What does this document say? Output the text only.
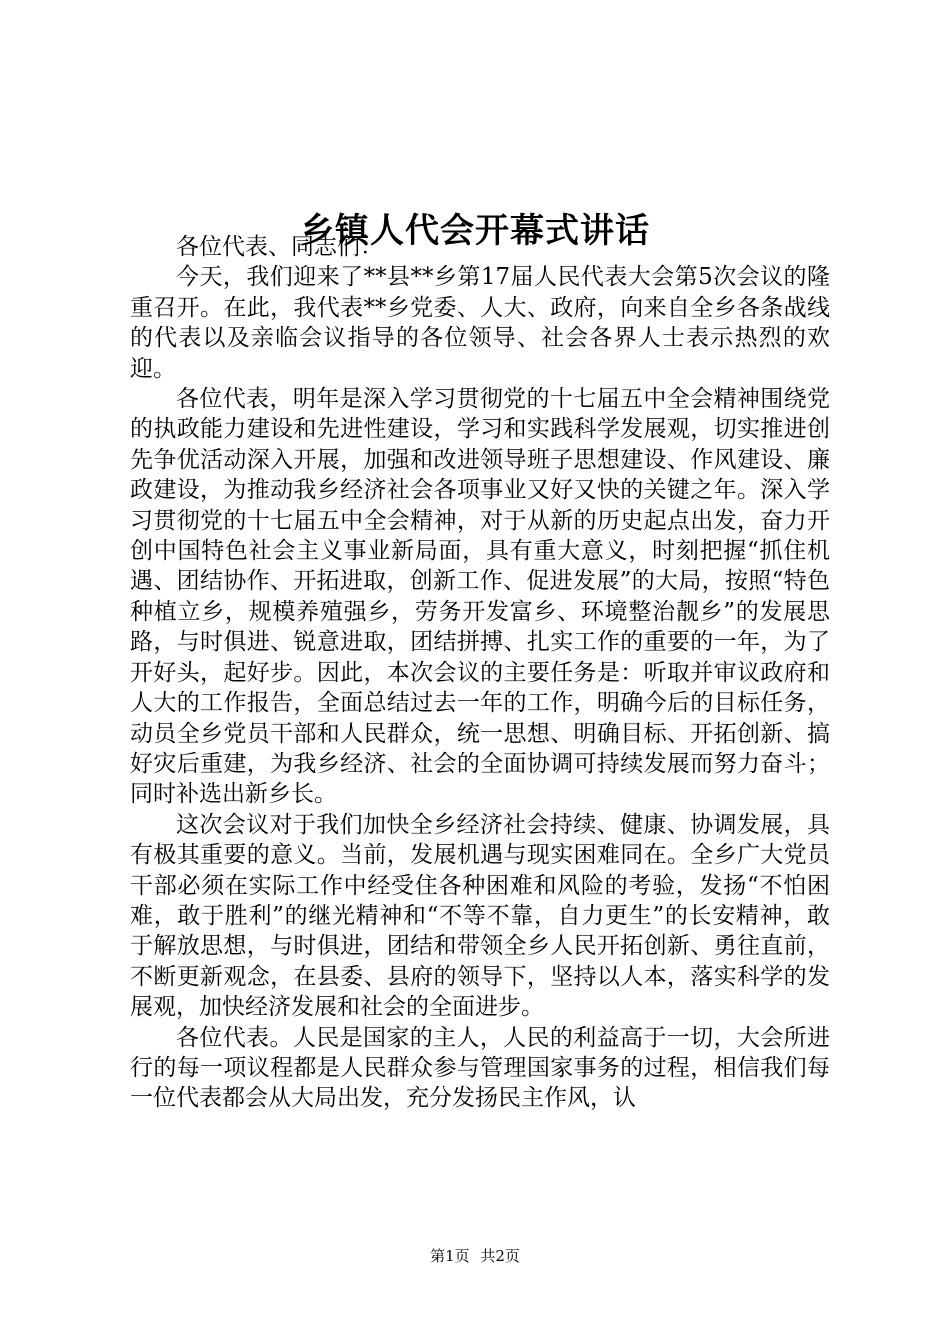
乡镇人代会开幕式讲话

各位代表、同志们：

今天，我们迎来了**县**乡第17届人民代表大会第5次会议的隆重召开。在此，我代表**乡党委、人大、政府，向来自全乡各条战线的代表以及亲临会议指导的各位领导、社会各界人士表示热烈的欢迎。

各位代表，明年是深入学习贯彻党的十七届五中全会精神围绕党的执政能力建设和先进性建设，学习和实践科学发展观，切实推进创先争优活动深入开展，加强和改进领导班子思想建设、作风建设、廉政建设，为推动我乡经济社会各项事业又好又快的关键之年。深入学习贯彻党的十七届五中全会精神，对于从新的历史起点出发，奋力开创中国特色社会主义事业新局面，具有重大意义，时刻把握“抓住机遇、团结协作、开拓进取，创新工作、促进发展”的大局，按照“特色种植立乡，规模养殖强乡，劳务开发富乡、环境整治靓乡”的发展思路，与时俱进、锐意进取，团结拼搏、扎实工作的重要的一年，为了开好头，起好步。因此，本次会议的主要任务是：听取并审议政府和人大的工作报告，全面总结过去一年的工作，明确今后的目标任务，动员全乡党员干部和人民群众，统一思想、明确目标、开拓创新、搞好灾后重建，为我乡经济、社会的全面协调可持续发展而努力奋斗；同时补选出新乡长。

这次会议对于我们加快全乡经济社会持续、健康、协调发展，具有极其重要的意义。当前，发展机遇与现实困难同在。全乡广大党员干部必须在实际工作中经受住各种困难和风险的考验，发扬“不怕困难，敢于胜利”的继光精神和“不等不靠，自力更生”的长安精神，敢于解放思想，与时俱进，团结和带领全乡人民开拓创新、勇往直前，不断更新观念，在县委、县府的领导下，坚持以人本，落实科学的发展观，加快经济发展和社会的全面进步。

各位代表。人民是国家的主人，人民的利益高于一切，大会所进行的每一项议程都是人民群众参与管理国家事务的过程，相信我们每一位代表都会从大局出发，充分发扬民主作风，认

第1页 共2页
